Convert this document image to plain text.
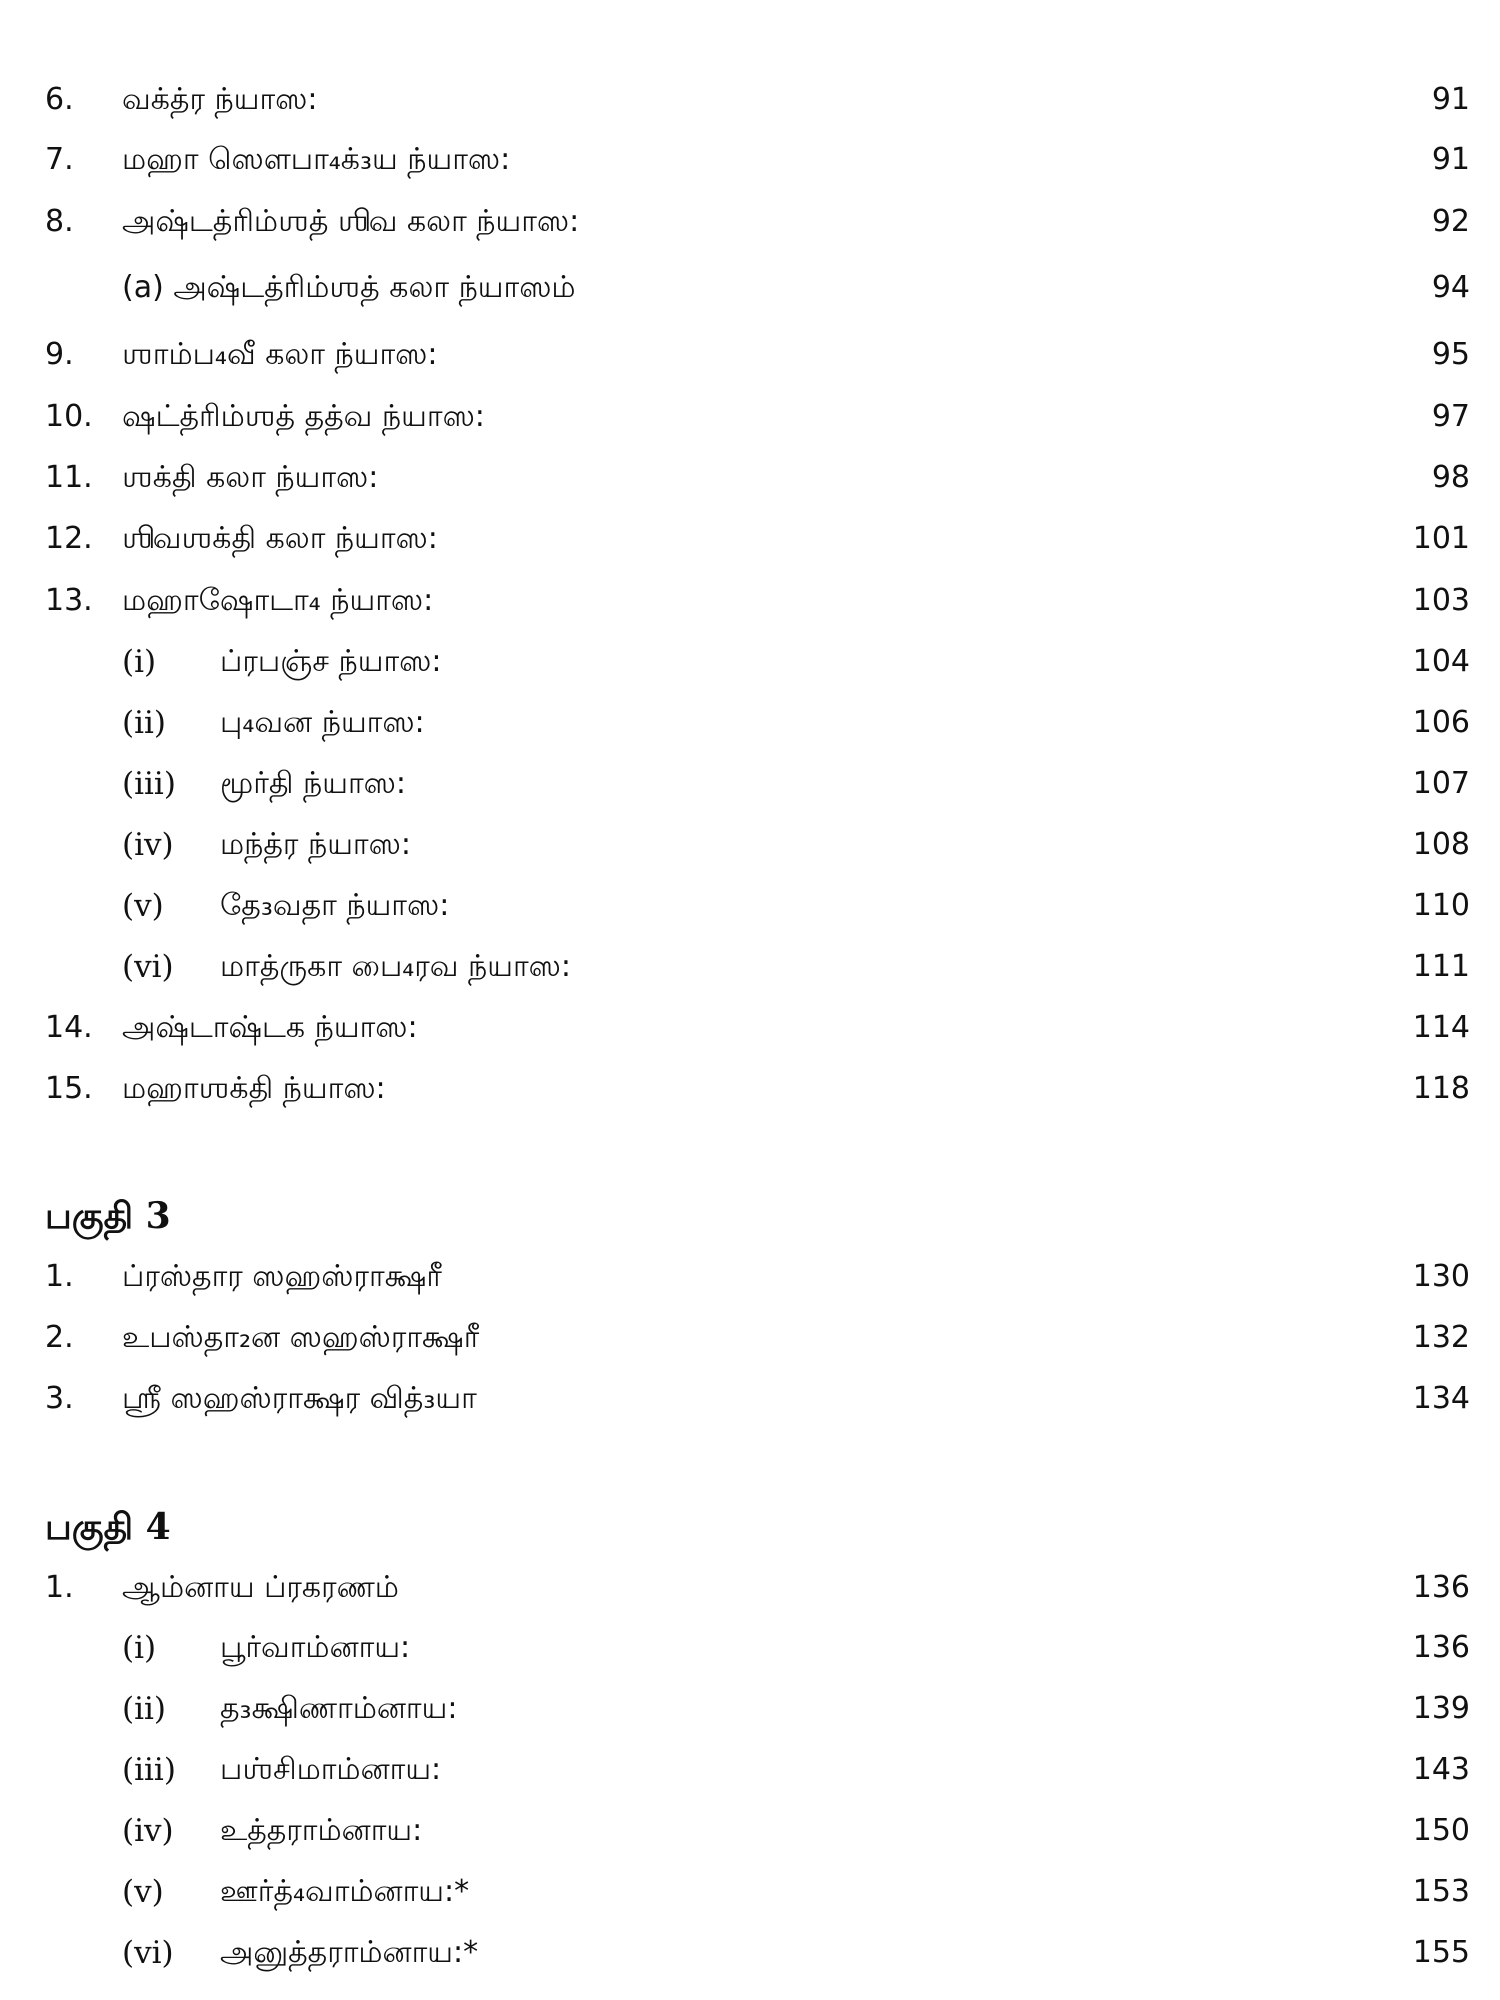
6. வக்த்ர ந்யாஸ:	91
7. மஹா ஸௌபா₄க்₃ய ந்யாஸ:	91
8. அஷ்டத்ரிம்ஶத் ஶிவ கலா ந்யாஸ:	92
(a) அஷ்டத்ரிம்ஶத் கலா ந்யாஸம்	94
9. ஶாம்ப₄வீ கலா ந்யாஸ:	95
10. ஷட்த்ரிம்ஶத் தத்வ ந்யாஸ:	97
11. ஶக்தி கலா ந்யாஸ:	98
12. ஶிவஶக்தி கலா ந்யாஸ:	101
13. மஹாஷோடா₄ ந்யாஸ:	103
(i) ப்ரபஞ்ச ந்யாஸ:	104
(ii) பு₄வன ந்யாஸ:	106
(iii) மூர்தி ந்யாஸ:	107
(iv) மந்த்ர ந்யாஸ:	108
(v) தே₃வதா ந்யாஸ:	110
(vi) மாத்ருகா பை₄ரவ ந்யாஸ:	111
14. அஷ்டாஷ்டக ந்யாஸ:	114
15. மஹாஶக்தி ந்யாஸ:	118
பகுதி 3
1. ப்ரஸ்தார ஸஹஸ்ராக்ஷரீ	130
2. உபஸ்தா₂ன ஸஹஸ்ராக்ஷரீ	132
3. ஶ்ரீ ஸஹஸ்ராக்ஷர வித்₃யா	134
பகுதி 4
1. ஆம்னாய ப்ரகரணம்	136
(i) பூர்வாம்னாய:	136
(ii) த₃க்ஷிணாம்னாய:	139
(iii) பஶ்சிமாம்னாய:	143
(iv) உத்தராம்னாய:	150
(v) ஊர்த்₄வாம்னாய:*	153
(vi) அனுத்தராம்னாய:*	155
